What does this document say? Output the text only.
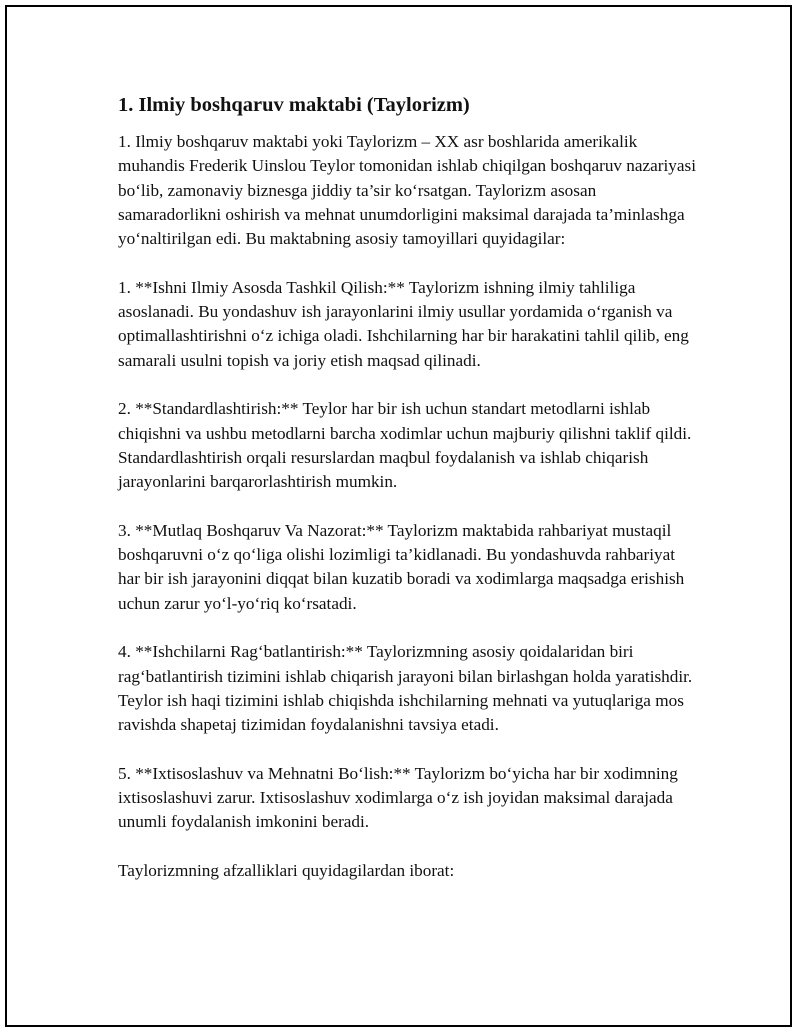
1. Ilmiy boshqaruv maktabi (Taylorizm)

1. Ilmiy boshqaruv maktabi yoki Taylorizm – XX asr boshlarida amerikalik muhandis Frederik Uinslou Teylor tomonidan ishlab chiqilgan boshqaruv nazariyasi bo‘lib, zamonaviy biznesga jiddiy ta’sir ko‘rsatgan. Taylorizm asosan samaradorlikni oshirish va mehnat unumdorligini maksimal darajada ta’minlashga yo‘naltirilgan edi. Bu maktabning asosiy tamoyillari quyidagilar:

1. **Ishni Ilmiy Asosda Tashkil Qilish:** Taylorizm ishning ilmiy tahliliga asoslanadi. Bu yondashuv ish jarayonlarini ilmiy usullar yordamida o‘rganish va optimallashtirishni o‘z ichiga oladi. Ishchilarning har bir harakatini tahlil qilib, eng samarali usulni topish va joriy etish maqsad qilinadi.

2. **Standardlashtirish:** Teylor har bir ish uchun standart metodlarni ishlab chiqishni va ushbu metodlarni barcha xodimlar uchun majburiy qilishni taklif qildi. Standardlashtirish orqali resurslardan maqbul foydalanish va ishlab chiqarish jarayonlarini barqarorlashtirish mumkin.

3. **Mutlaq Boshqaruv Va Nazorat:** Taylorizm maktabida rahbariyat mustaqil boshqaruvni o‘z qo‘liga olishi lozimligi ta’kidlanadi. Bu yondashuvda rahbariyat har bir ish jarayonini diqqat bilan kuzatib boradi va xodimlarga maqsadga erishish uchun zarur yo‘l-yo‘riq ko‘rsatadi.

4. **Ishchilarni Rag‘batlantirish:** Taylorizmning asosiy qoidalaridan biri rag‘batlantirish tizimini ishlab chiqarish jarayoni bilan birlashgan holda yaratishdir. Teylor ish haqi tizimini ishlab chiqishda ishchilarning mehnati va yutuqlariga mos ravishda shapetaj tizimidan foydalanishni tavsiya etadi.

5. **Ixtisoslashuv va Mehnatni Bo‘lish:** Taylorizm bo‘yicha har bir xodimning ixtisoslashuvi zarur. Ixtisoslashuv xodimlarga o‘z ish joyidan maksimal darajada unumli foydalanish imkonini beradi.

Taylorizmning afzalliklari quyidagilardan iborat:
